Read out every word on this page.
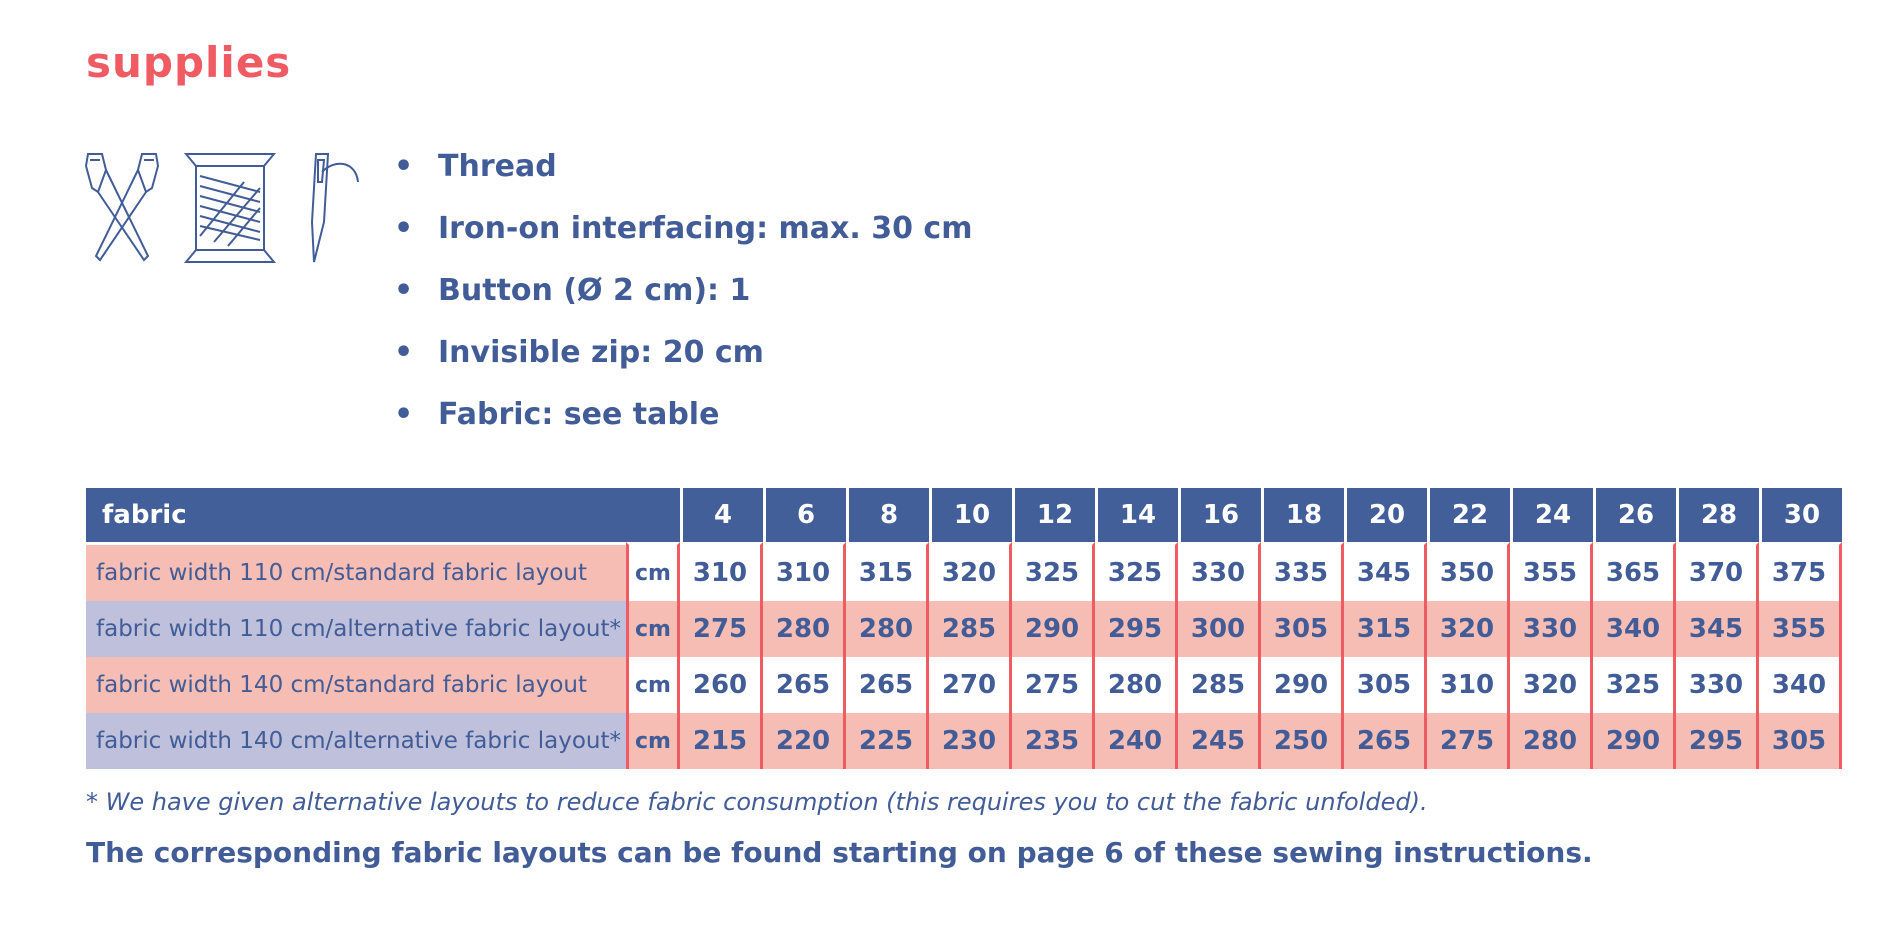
supplies
• Thread
• Iron-on interfacing: max. 30 cm
• Button (Ø 2 cm): 1
• Invisible zip: 20 cm
• Fabric: see table
fabric		4	6	8	10	12	14	16	18	20	22	24	26	28	30
fabric width 110 cm/standard fabric layout	cm	310	310	315	320	325	325	330	335	345	350	355	365	370	375
fabric width 110 cm/alternative fabric layout*	cm	275	280	280	285	290	295	300	305	315	320	330	340	345	355
fabric width 140 cm/standard fabric layout	cm	260	265	265	270	275	280	285	290	305	310	320	325	330	340
fabric width 140 cm/alternative fabric layout*	cm	215	220	225	230	235	240	245	250	265	275	280	290	295	305
* We have given alternative layouts to reduce fabric consumption (this requires you to cut the fabric unfolded).
The corresponding fabric layouts can be found starting on page 6 of these sewing instructions.
